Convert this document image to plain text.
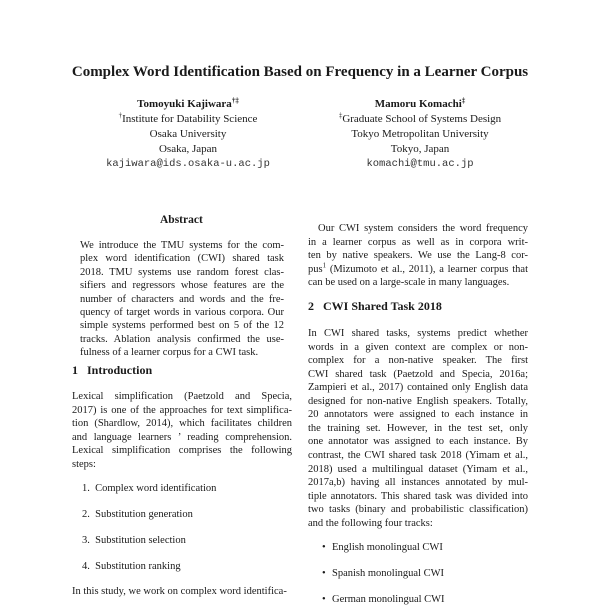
Complex Word Identification Based on Frequency in a Learner Corpus
Tomoyuki Kajiwara†‡
†Institute for Datability Science
Osaka University
Osaka, Japan
kajiwara@ids.osaka-u.ac.jp
Mamoru Komachi‡
‡Graduate School of Systems Design
Tokyo Metropolitan University
Tokyo, Japan
komachi@tmu.ac.jp
Abstract
We introduce the TMU systems for the com-
plex word identification (CWI) shared task
2018. TMU systems use random forest clas-
sifiers and regressors whose features are the
number of characters and words and the fre-
quency of target words in various corpora. Our
simple systems performed best on 5 of the 12
tracks. Ablation analysis confirmed the use-
fulness of a learner corpus for a CWI task.
1   Introduction
Lexical simplification (Paetzold and Specia,
2017) is one of the approaches for text simplifica-
tion (Shardlow, 2014), which facilitates children
and language learners ’ reading comprehension.
Lexical simplification comprises the following
steps:
1.  Complex word identification
2.  Substitution generation
3.  Substitution selection
4.  Substitution ranking
In this study, we work on complex word identifica-
Our CWI system considers the word frequency
in a learner corpus as well as in corpora writ-
ten by native speakers. We use the Lang-8 cor-
pus$^1$ (Mizumoto et al., 2011), a learner corpus that
can be used on a large-scale in many languages.
2   CWI Shared Task 2018
In CWI shared tasks, systems predict whether
words in a given context are complex or non-
complex for a non-native speaker. The first
CWI shared task (Paetzold and Specia, 2016a;
Zampieri et al., 2017) contained only English data
designed for non-native English speakers. Totally,
20 annotators were assigned to each instance in
the training set. However, in the test set, only
one annotator was assigned to each instance. By
contrast, the CWI shared task 2018 (Yimam et al.,
2018) used a multilingual dataset (Yimam et al.,
2017a,b) having all instances annotated by mul-
tiple annotators. This shared task was divided into
two tasks (binary and probabilistic classification)
and the following four tracks:
• English monolingual CWI
• Spanish monolingual CWI
• German monolingual CWI
